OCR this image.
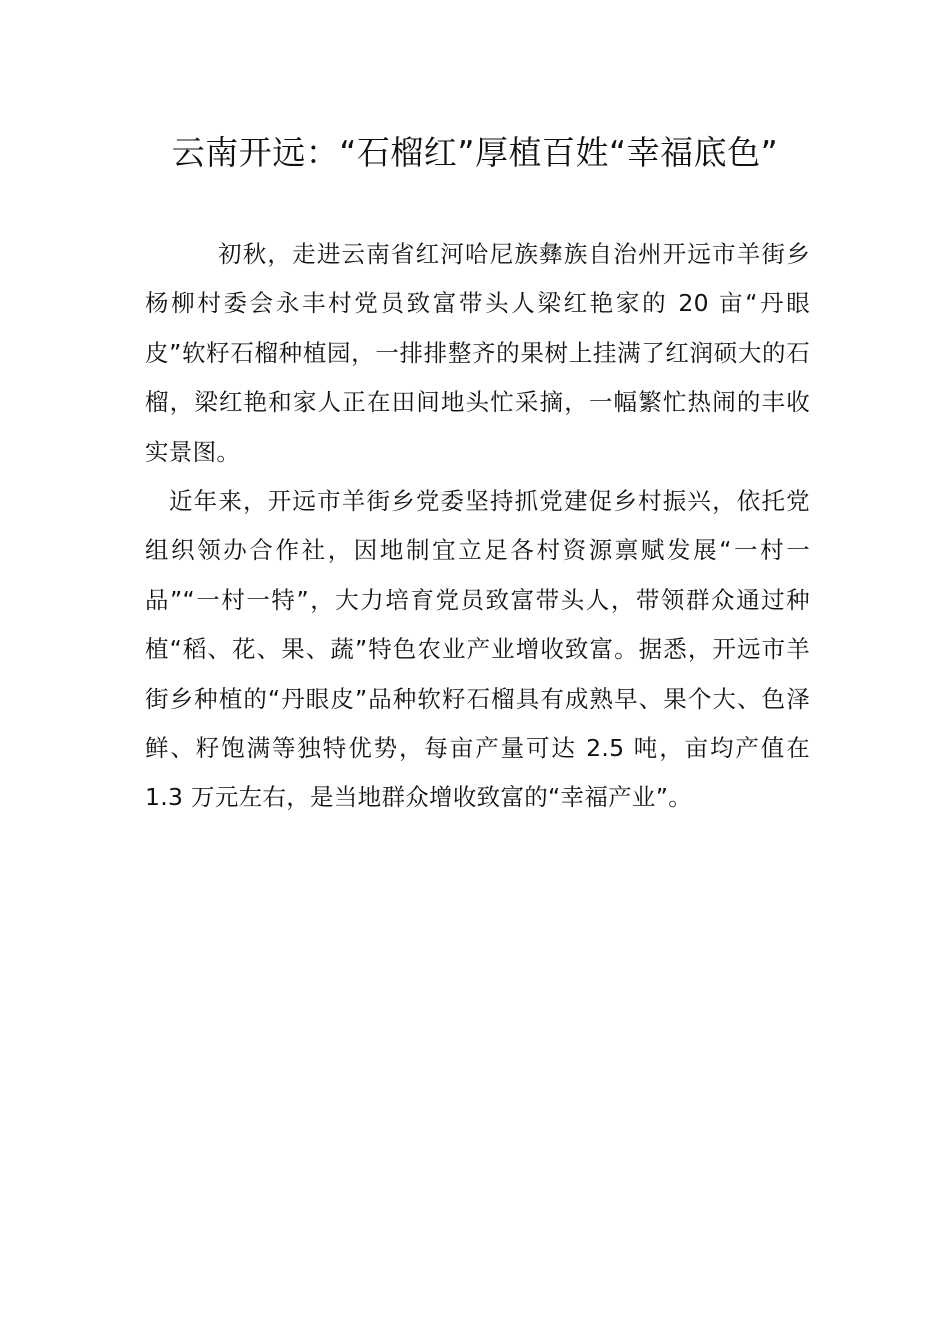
云南开远：“石榴红”厚植百姓“幸福底色”

初秋，走进云南省红河哈尼族彝族自治州开远市羊街乡杨柳村委会永丰村党员致富带头人梁红艳家的 20 亩“丹眼皮”软籽石榴种植园，一排排整齐的果树上挂满了红润硕大的石榴，梁红艳和家人正在田间地头忙采摘，一幅繁忙热闹的丰收实景图。

近年来，开远市羊街乡党委坚持抓党建促乡村振兴，依托党组织领办合作社，因地制宜立足各村资源禀赋发展“一村一品”“一村一特”，大力培育党员致富带头人，带领群众通过种植“稻、花、果、蔬”特色农业产业增收致富。据悉，开远市羊街乡种植的“丹眼皮”品种软籽石榴具有成熟早、果个大、色泽鲜、籽饱满等独特优势，每亩产量可达 2.5 吨，亩均产值在 1.3 万元左右，是当地群众增收致富的“幸福产业”。
